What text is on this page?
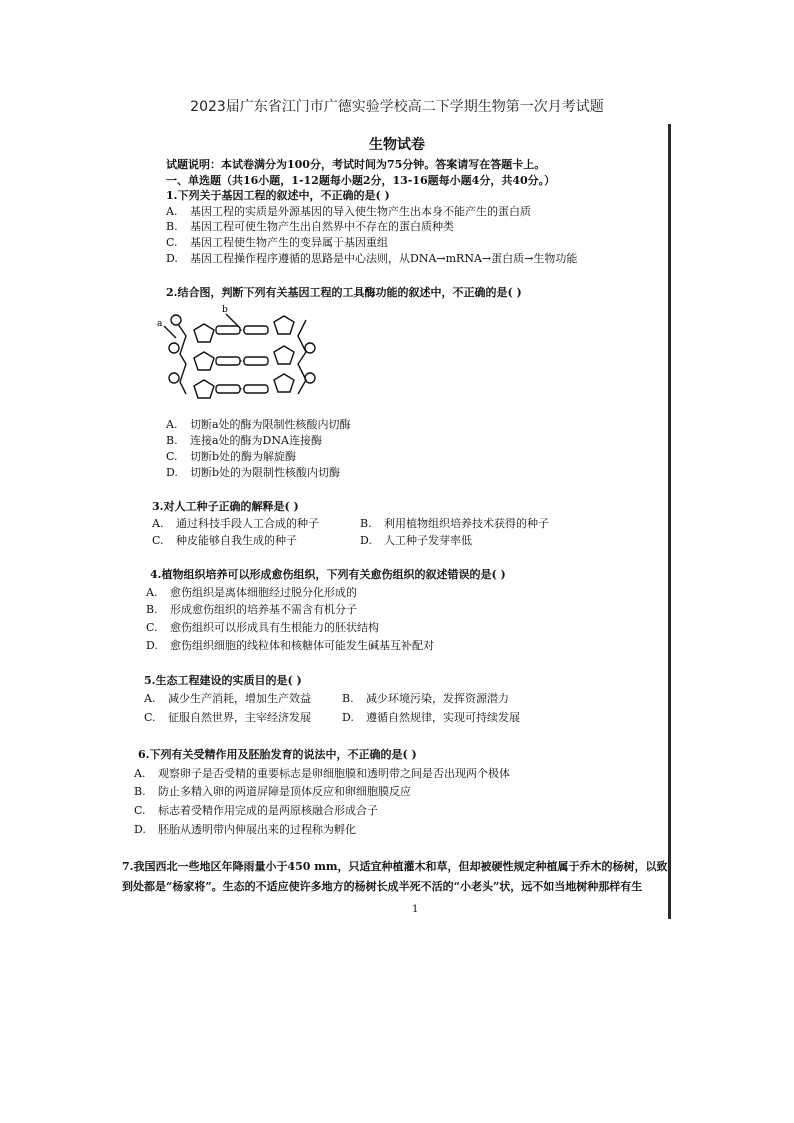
2023届广东省江门市广德实验学校高二下学期生物第一次月考试题
生物试卷
试题说明：本试卷满分为100分，考试时间为75分钟。答案请写在答题卡上。
一、单选题（共16小题，1-12题每小题2分，13-16题每小题4分，共40分。）
1.下列关于基因工程的叙述中，不正确的是( )
A. 基因工程的实质是外源基因的导入使生物产生出本身不能产生的蛋白质
B. 基因工程可使生物产生出自然界中不存在的蛋白质种类
C. 基因工程使生物产生的变异属于基因重组
D. 基因工程操作程序遵循的思路是中心法则，从DNA→mRNA→蛋白质→生物功能
2.结合图，判断下列有关基因工程的工具酶功能的叙述中，不正确的是( )
a
b
A. 切断a处的酶为限制性核酸内切酶
B. 连接a处的酶为DNA连接酶
C. 切断b处的酶为解旋酶
D. 切断b处的为限制性核酸内切酶
3.对人工种子正确的解释是( )
A. 通过科技手段人工合成的种子	B. 利用植物组织培养技术获得的种子
C. 种皮能够自我生成的种子	D. 人工种子发芽率低
4.植物组织培养可以形成愈伤组织，下列有关愈伤组织的叙述错误的是( )
A. 愈伤组织是离体细胞经过脱分化形成的
B. 形成愈伤组织的培养基不需含有机分子
C. 愈伤组织可以形成具有生根能力的胚状结构
D. 愈伤组织细胞的线粒体和核糖体可能发生碱基互补配对
5.生态工程建设的实质目的是( )
A. 减少生产消耗，增加生产效益	B. 减少环境污染，发挥资源潜力
C. 征服自然世界，主宰经济发展	D. 遵循自然规律，实现可持续发展
6.下列有关受精作用及胚胎发育的说法中，不正确的是( )
A. 观察卵子是否受精的重要标志是卵细胞膜和透明带之间是否出现两个极体
B. 防止多精入卵的两道屏障是顶体反应和卵细胞膜反应
C. 标志着受精作用完成的是两原核融合形成合子
D. 胚胎从透明带内伸展出来的过程称为孵化
7.我国西北一些地区年降雨量小于450 mm，只适宜种植灌木和草，但却被硬性规定种植属于乔木的杨树，以致
到处都是“杨家将”。生态的不适应使许多地方的杨树长成半死不活的“小老头”状，远不如当地树种那样有生
1
